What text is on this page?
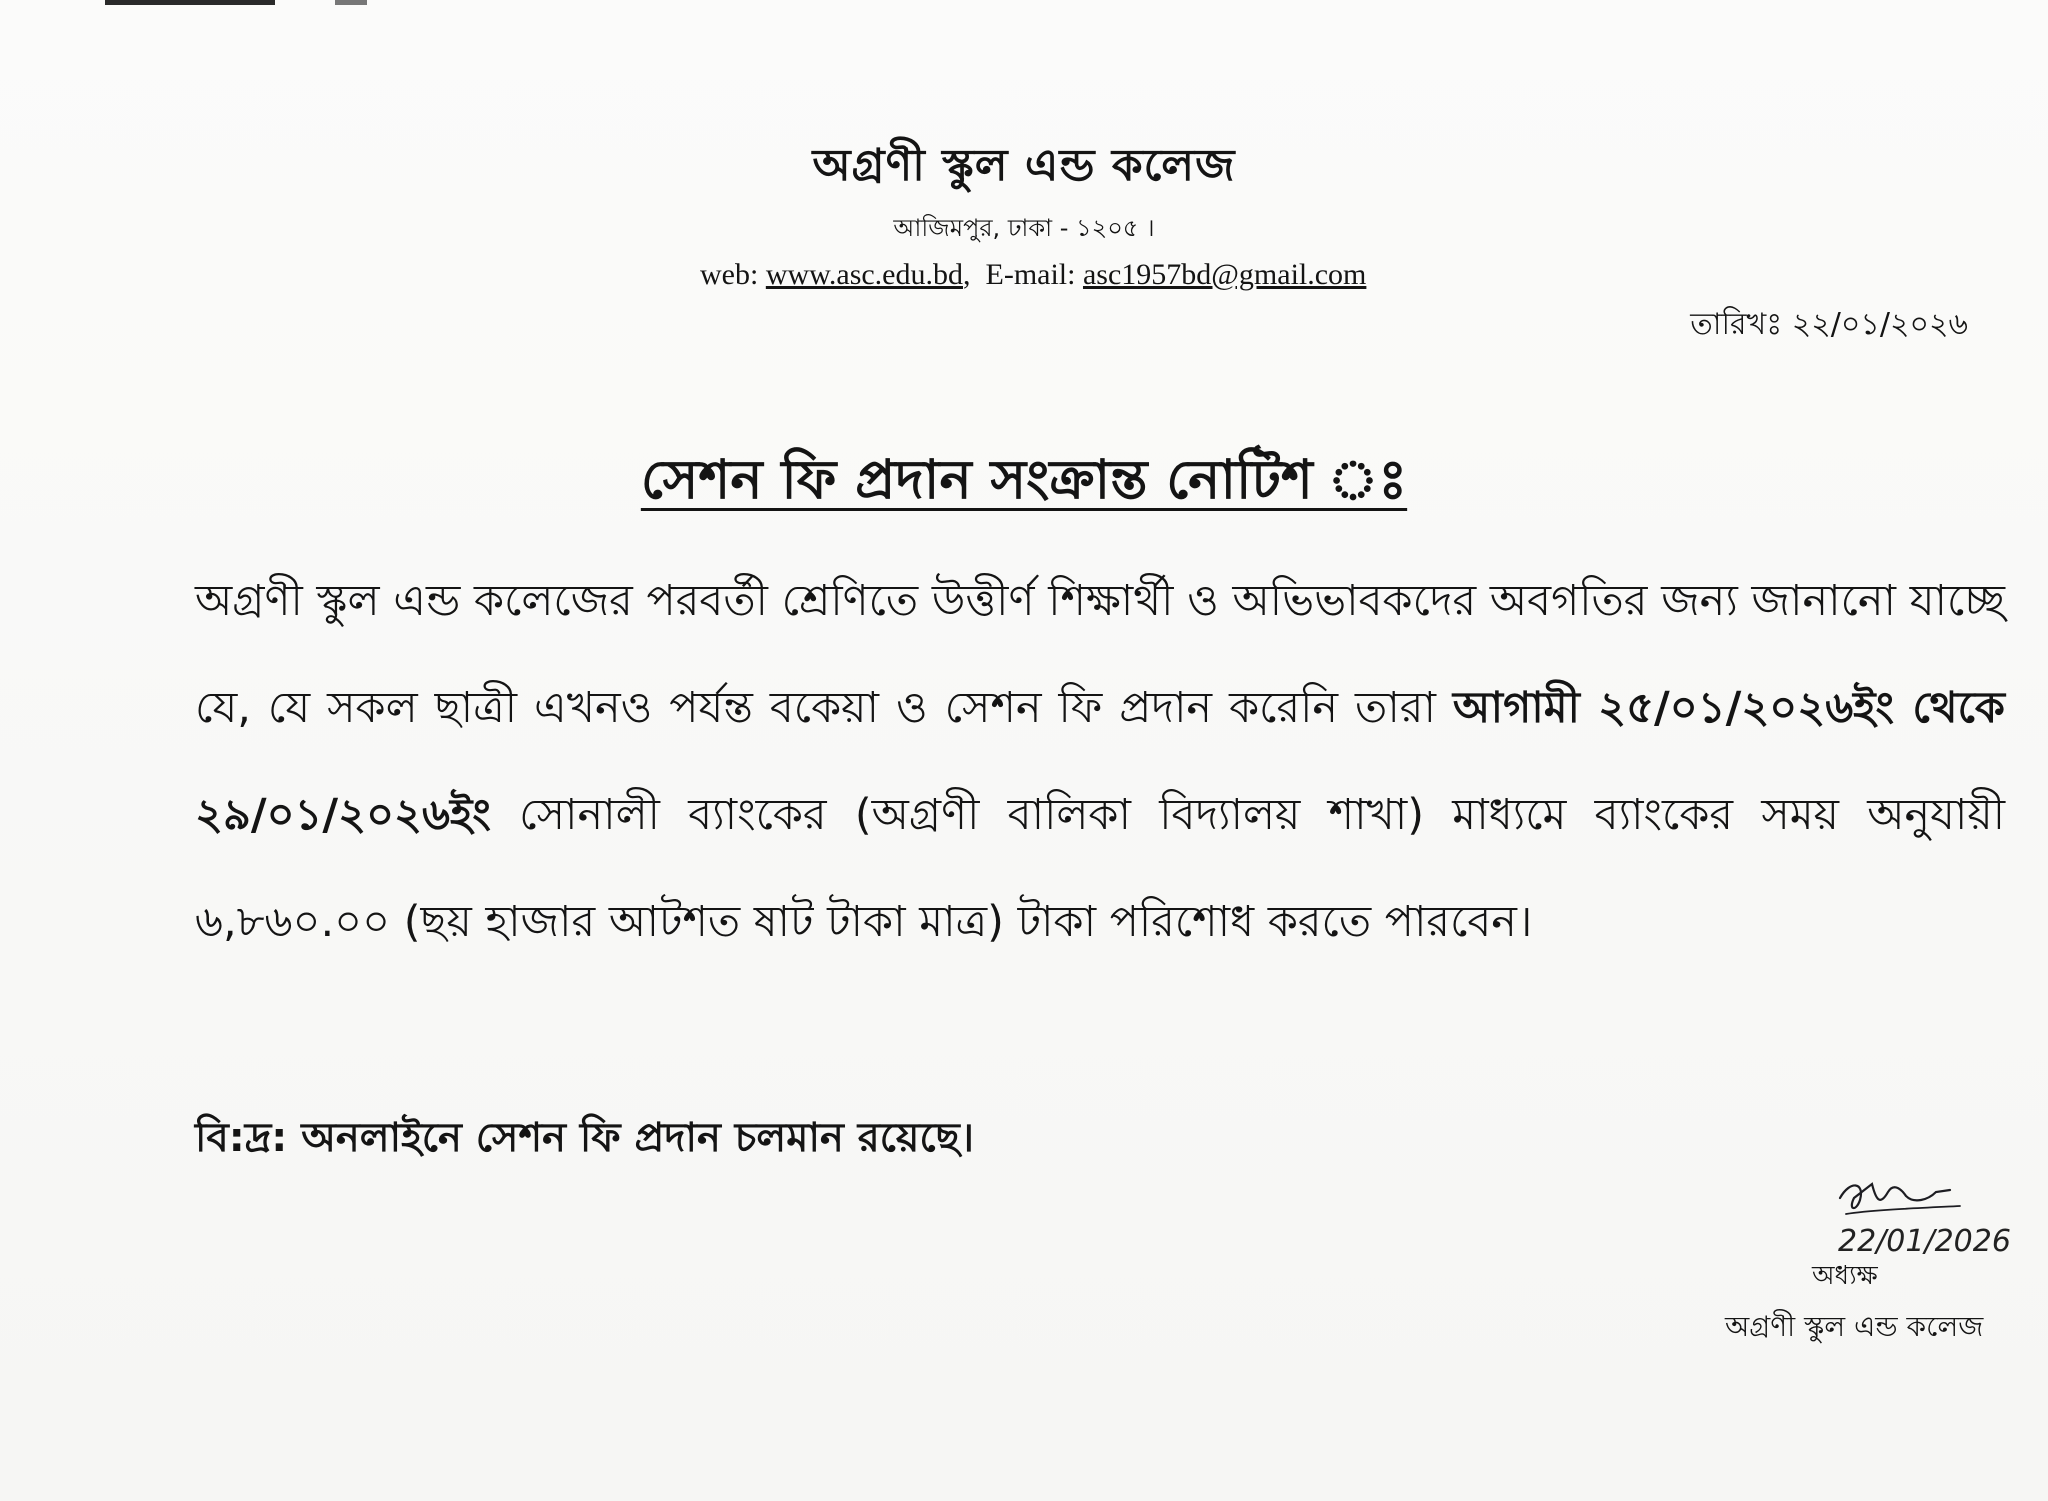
অগ্রণী স্কুল এন্ড কলেজ
আজিমপুর, ঢাকা - ১২০৫ ।
web: www.asc.edu.bd,  E-mail: asc1957bd@gmail.com
তারিখঃ ২২/০১/২০২৬
সেশন ফি প্রদান সংক্রান্ত নোটিশ ঃ
অগ্রণী স্কুল এন্ড কলেজের পরবর্তী শ্রেণিতে উত্তীর্ণ শিক্ষার্থী ও অভিভাবকদের অবগতির জন্য জানানো যাচ্ছে যে, যে সকল ছাত্রী এখনও পর্যন্ত বকেয়া ও সেশন ফি প্রদান করেনি তারা আগামী ২৫/০১/২০২৬ইং থেকে ২৯/০১/২০২৬ইং সোনালী ব্যাংকের (অগ্রণী বালিকা বিদ্যালয় শাখা) মাধ্যমে ব্যাংকের সময় অনুযায়ী ৬,৮৬০.০০ (ছয় হাজার আটশত ষাট টাকা মাত্র) টাকা পরিশোধ করতে পারবেন।
বি:দ্র: অনলাইনে সেশন ফি প্রদান চলমান রয়েছে।
22/01/2026
অধ্যক্ষ
অগ্রণী স্কুল এন্ড কলেজ
